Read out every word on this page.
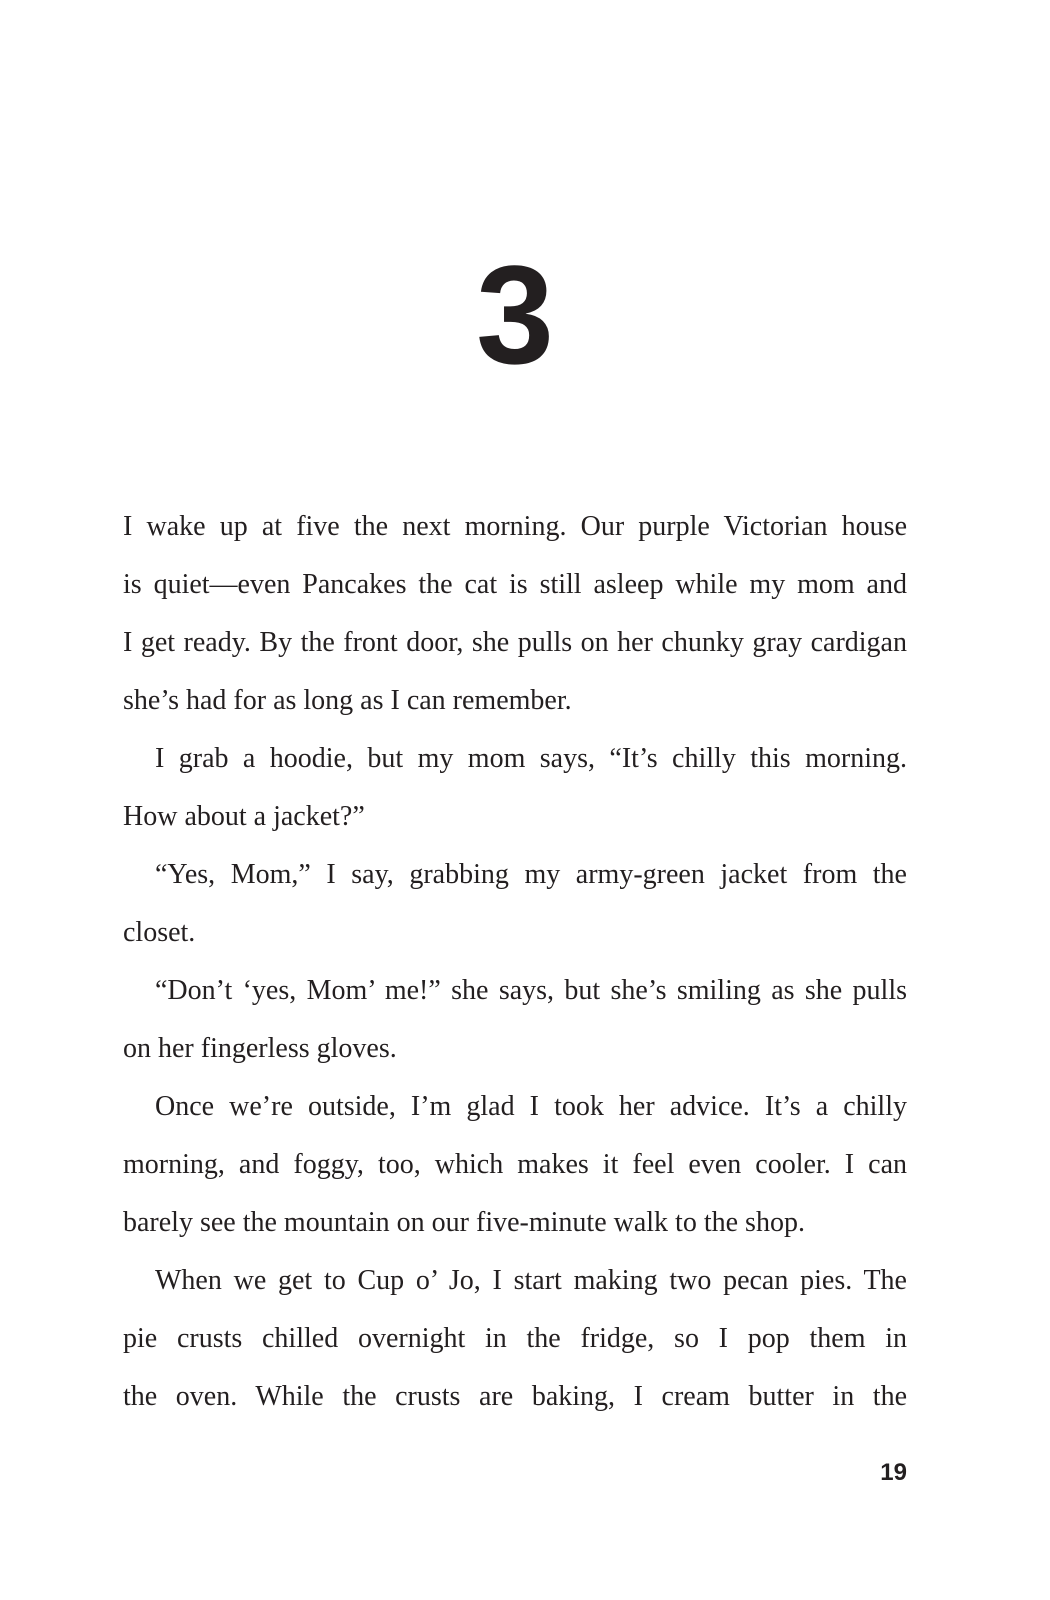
3
I wake up at five the next morning. Our purple Victorian house
is quiet—even Pancakes the cat is still asleep while my mom and
I get ready. By the front door, she pulls on her chunky gray cardigan
she’s had for as long as I can remember.
I grab a hoodie, but my mom says, “It’s chilly this morning.
How about a jacket?”
“Yes, Mom,” I say, grabbing my army-green jacket from the
closet.
“Don’t ‘yes, Mom’ me!” she says, but she’s smiling as she pulls
on her fingerless gloves.
Once we’re outside, I’m glad I took her advice. It’s a chilly
morning, and foggy, too, which makes it feel even cooler. I can
barely see the mountain on our five-minute walk to the shop.
When we get to Cup o’ Jo, I start making two pecan pies. The
pie crusts chilled overnight in the fridge, so I pop them in
the oven. While the crusts are baking, I cream butter in the
19
